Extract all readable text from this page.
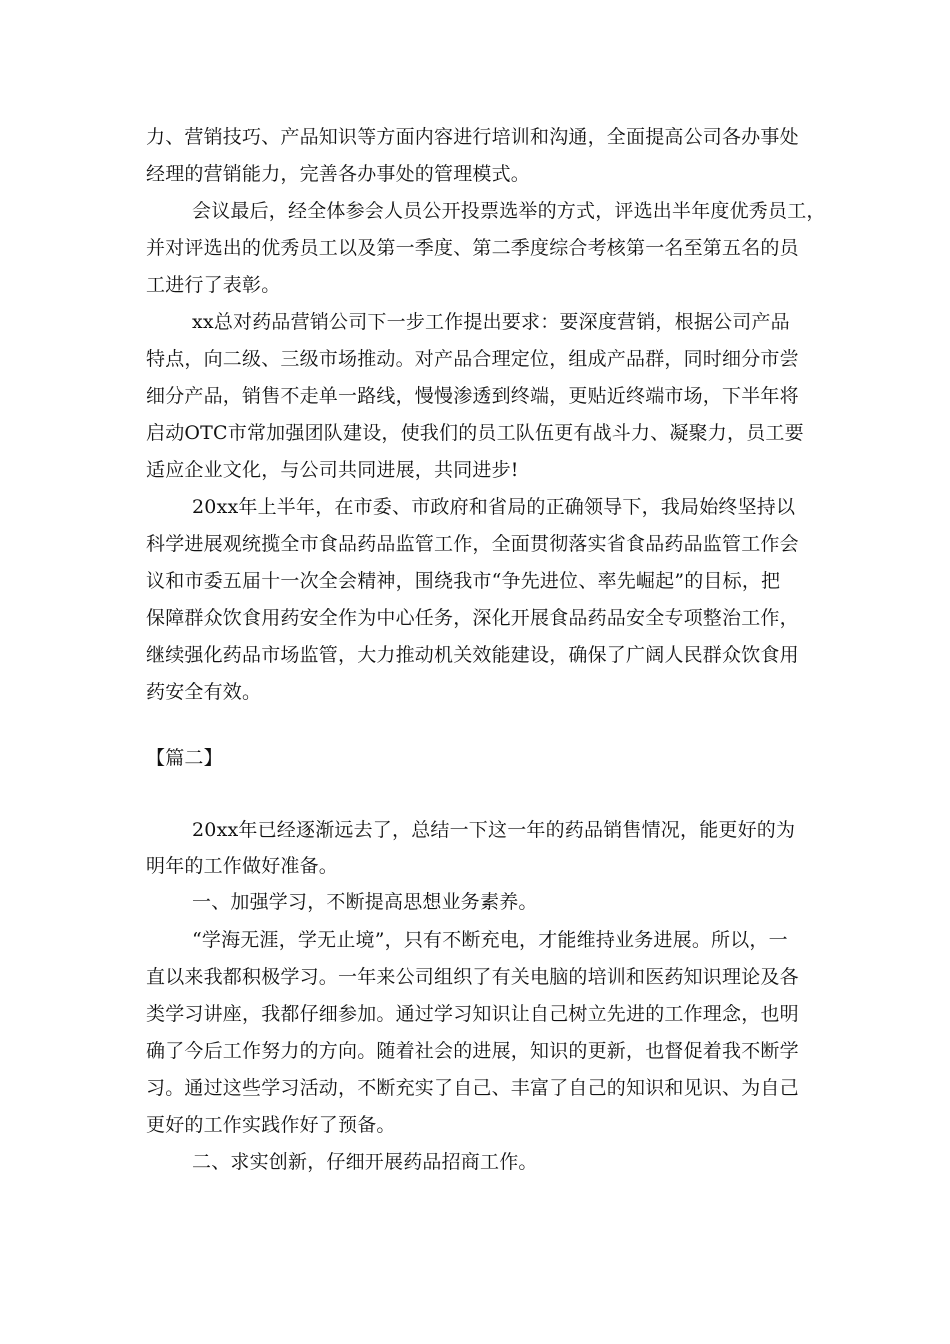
力、营销技巧、产品知识等方面内容进行培训和沟通，全面提高公司各办事处
经理的营销能力，完善各办事处的管理模式。
会议最后，经全体参会人员公开投票选举的方式，评选出半年度优秀员工，
并对评选出的优秀员工以及第一季度、第二季度综合考核第一名至第五名的员
工进行了表彰。
xx总对药品营销公司下一步工作提出要求：要深度营销，根据公司产品
特点，向二级、三级市场推动。对产品合理定位，组成产品群，同时细分市尝
细分产品，销售不走单一路线，慢慢渗透到终端，更贴近终端市场，下半年将
启动OTC市常加强团队建设，使我们的员工队伍更有战斗力、凝聚力，员工要
适应企业文化，与公司共同进展，共同进步!
20xx年上半年，在市委、市政府和省局的正确领导下，我局始终坚持以
科学进展观统揽全市食品药品监管工作，全面贯彻落实省食品药品监管工作会
议和市委五届十一次全会精神，围绕我市“争先进位、率先崛起”的目标，把
保障群众饮食用药安全作为中心任务，深化开展食品药品安全专项整治工作，
继续强化药品市场监管，大力推动机关效能建设，确保了广阔人民群众饮食用
药安全有效。
【篇二】
20xx年已经逐渐远去了，总结一下这一年的药品销售情况，能更好的为
明年的工作做好准备。
一、加强学习，不断提高思想业务素养。
“学海无涯，学无止境”，只有不断充电，才能维持业务进展。所以，一
直以来我都积极学习。一年来公司组织了有关电脑的培训和医药知识理论及各
类学习讲座，我都仔细参加。通过学习知识让自己树立先进的工作理念，也明
确了今后工作努力的方向。随着社会的进展，知识的更新，也督促着我不断学
习。通过这些学习活动，不断充实了自己、丰富了自己的知识和见识、为自己
更好的工作实践作好了预备。
二、求实创新，仔细开展药品招商工作。
